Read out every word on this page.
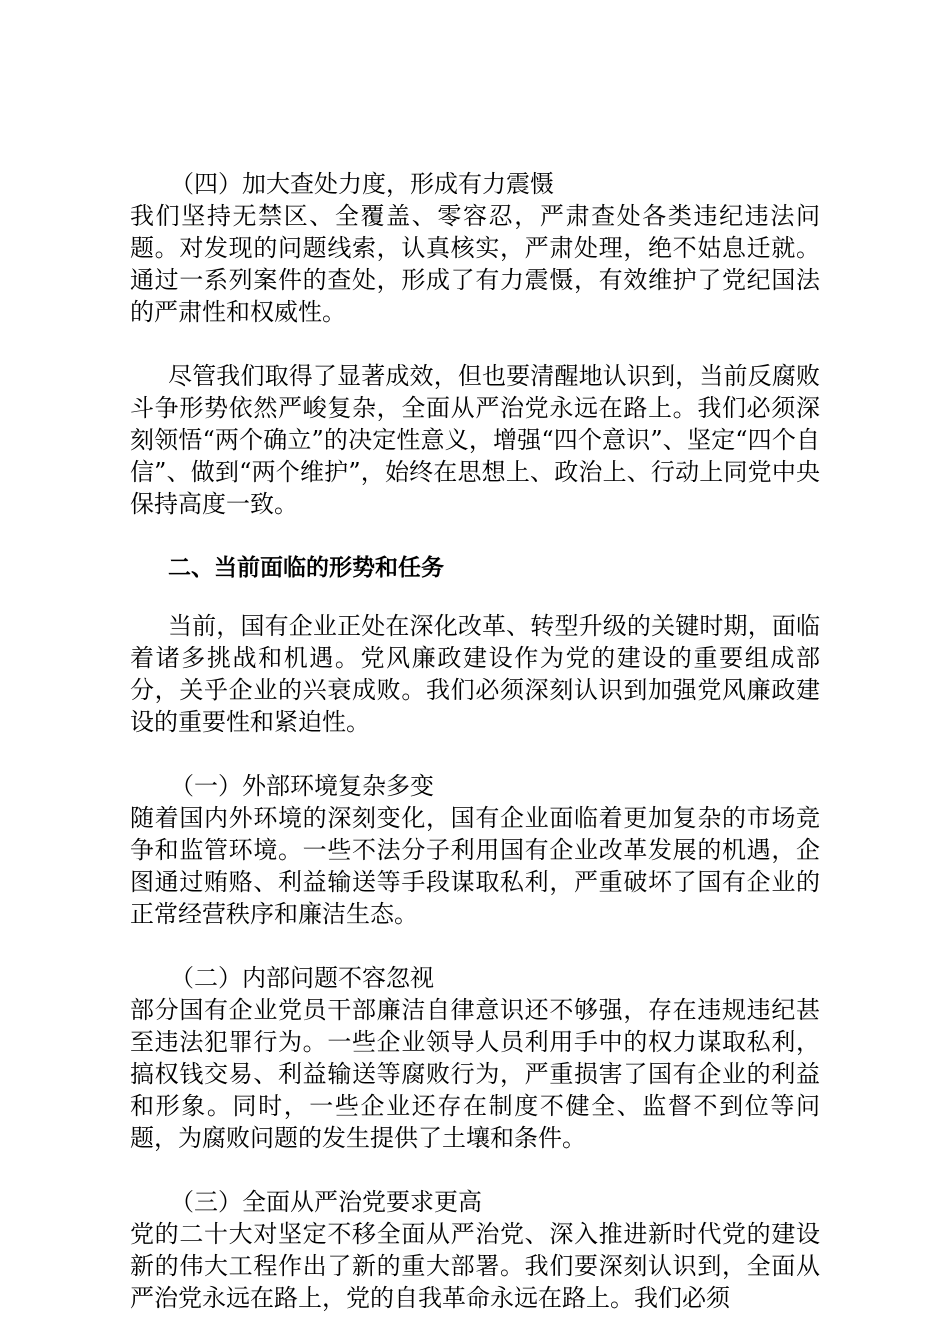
（四）加大查处力度，形成有力震慑

我们坚持无禁区、全覆盖、零容忍，严肃查处各类违纪违法问题。对发现的问题线索，认真核实，严肃处理，绝不姑息迁就。通过一系列案件的查处，形成了有力震慑，有效维护了党纪国法的严肃性和权威性。

尽管我们取得了显著成效，但也要清醒地认识到，当前反腐败斗争形势依然严峻复杂，全面从严治党永远在路上。我们必须深刻领悟“两个确立”的决定性意义，增强“四个意识”、坚定“四个自信”、做到“两个维护”，始终在思想上、政治上、行动上同党中央保持高度一致。

二、当前面临的形势和任务

当前，国有企业正处在深化改革、转型升级的关键时期，面临着诸多挑战和机遇。党风廉政建设作为党的建设的重要组成部分，关乎企业的兴衰成败。我们必须深刻认识到加强党风廉政建设的重要性和紧迫性。

（一）外部环境复杂多变

随着国内外环境的深刻变化，国有企业面临着更加复杂的市场竞争和监管环境。一些不法分子利用国有企业改革发展的机遇，企图通过贿赂、利益输送等手段谋取私利，严重破坏了国有企业的正常经营秩序和廉洁生态。

（二）内部问题不容忽视

部分国有企业党员干部廉洁自律意识还不够强，存在违规违纪甚至违法犯罪行为。一些企业领导人员利用手中的权力谋取私利，搞权钱交易、利益输送等腐败行为，严重损害了国有企业的利益和形象。同时，一些企业还存在制度不健全、监督不到位等问题，为腐败问题的发生提供了土壤和条件。

（三）全面从严治党要求更高

党的二十大对坚定不移全面从严治党、深入推进新时代党的建设新的伟大工程作出了新的重大部署。我们要深刻认识到，全面从严治党永远在路上，党的自我革命永远在路上。我们必须
